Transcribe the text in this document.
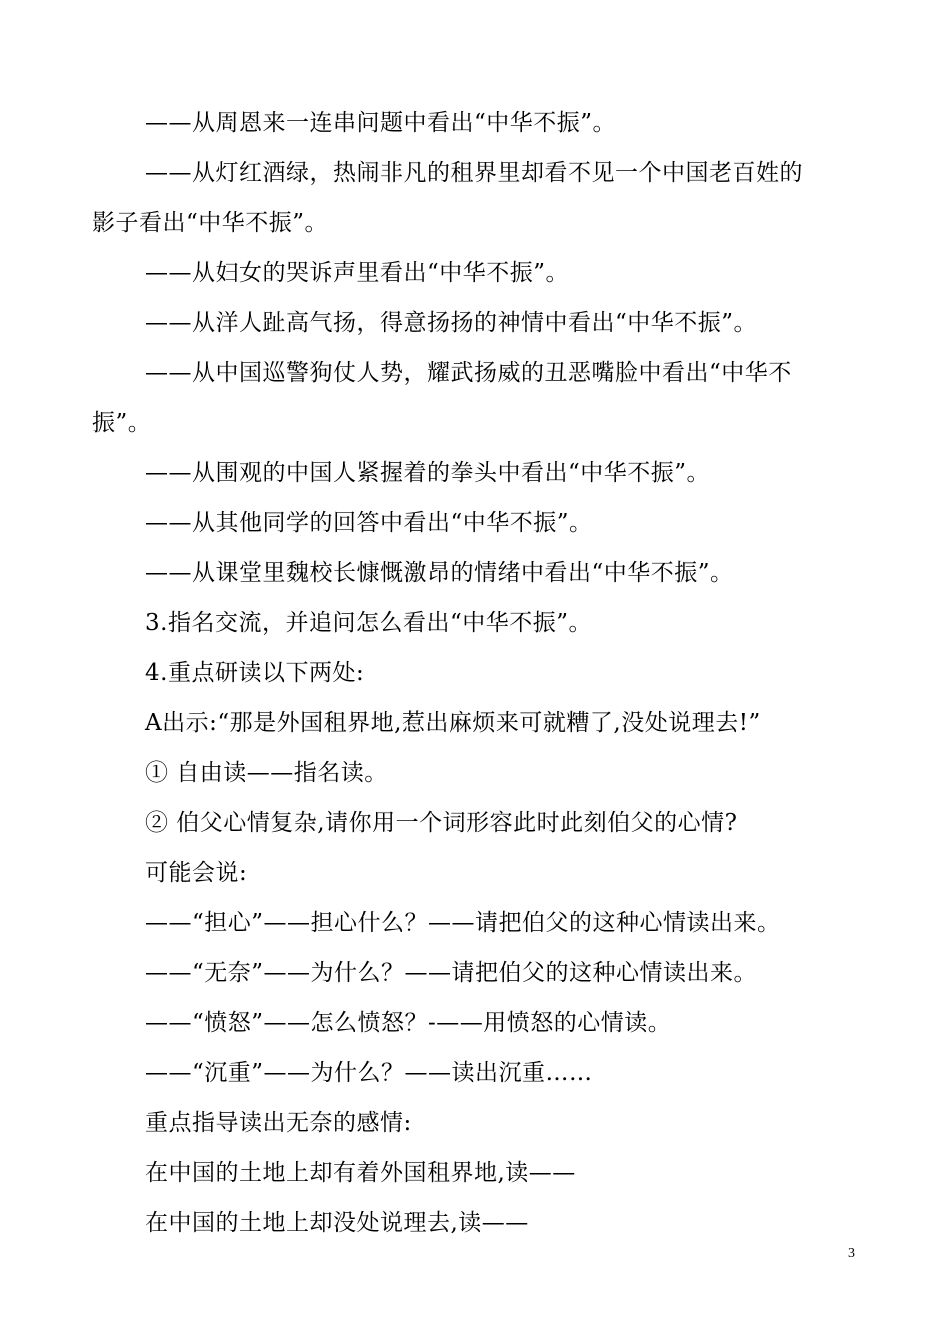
——从周恩来一连串问题中看出“中华不振”。
——从灯红酒绿，热闹非凡的租界里却看不见一个中国老百姓的
影子看出“中华不振”。
——从妇女的哭诉声里看出“中华不振”。
——从洋人趾高气扬，得意扬扬的神情中看出“中华不振”。
——从中国巡警狗仗人势，耀武扬威的丑恶嘴脸中看出“中华不
振”。
——从围观的中国人紧握着的拳头中看出“中华不振”。
——从其他同学的回答中看出“中华不振”。
——从课堂里魏校长慷慨激昂的情绪中看出“中华不振”。
3.指名交流，并追问怎么看出“中华不振”。
4.重点研读以下两处:
A出示:“那是外国租界地,惹出麻烦来可就糟了,没处说理去!”
① 自由读——指名读。
② 伯父心情复杂,请你用一个词形容此时此刻伯父的心情?
可能会说:
——“担心”——担心什么？——请把伯父的这种心情读出来。
——“无奈”——为什么？——请把伯父的这种心情读出来。
——“愤怒”——怎么愤怒？-——用愤怒的心情读。
——“沉重”——为什么？——读出沉重……
重点指导读出无奈的感情:
在中国的土地上却有着外国租界地,读——
在中国的土地上却没处说理去,读——
3
